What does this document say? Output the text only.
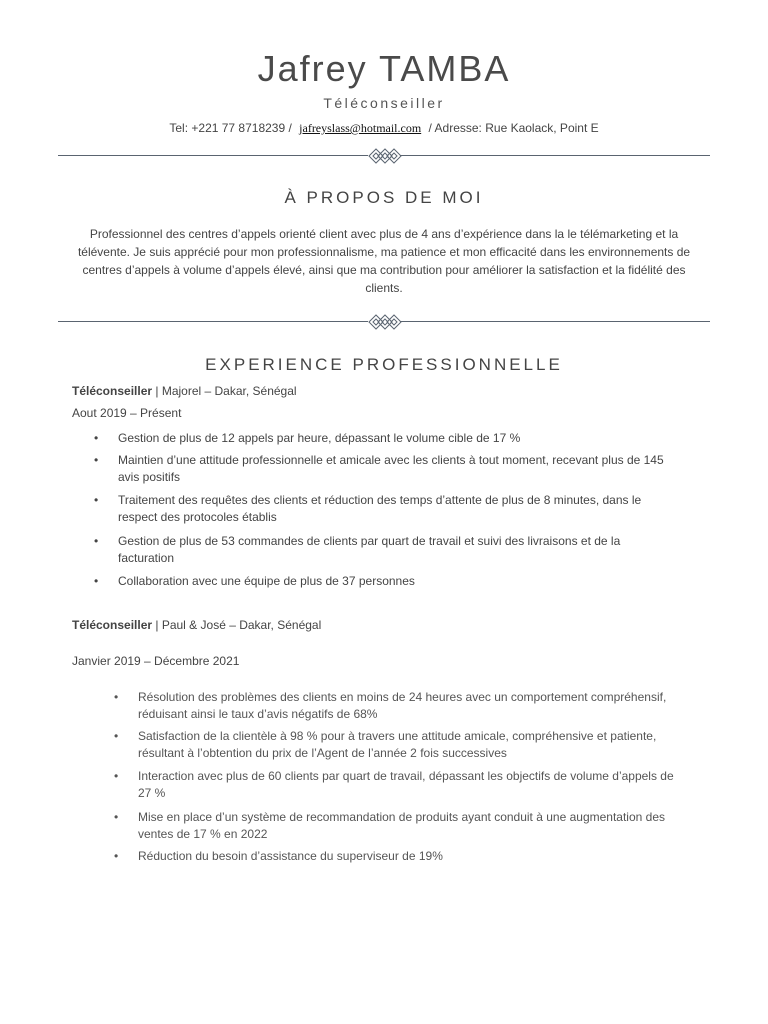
Jafrey TAMBA
Téléconseiller
Tel: +221 77 8718239 / jafreyslass@hotmail.com / Adresse: Rue Kaolack, Point E
À PROPOS DE MOI
Professionnel des centres d’appels orienté client avec plus de 4 ans d’expérience dans la le télémarketing et la télévente. Je suis apprécié pour mon professionnalisme, ma patience et mon efficacité dans les environnements de centres d’appels à volume d’appels élevé, ainsi que ma contribution pour améliorer la satisfaction et la fidélité des clients.
EXPERIENCE PROFESSIONNELLE
Téléconseiller | Majorel – Dakar, Sénégal
Aout 2019 – Présent
• Gestion de plus de 12 appels par heure, dépassant le volume cible de 17 %
• Maintien d’une attitude professionnelle et amicale avec les clients à tout moment, recevant plus de 145 avis positifs
• Traitement des requêtes des clients et réduction des temps d’attente de plus de 8 minutes, dans le respect des protocoles établis
• Gestion de plus de 53 commandes de clients par quart de travail et suivi des livraisons et de la facturation
• Collaboration avec une équipe de plus de 37 personnes
Téléconseiller | Paul & José – Dakar, Sénégal
Janvier 2019 – Décembre 2021
• Résolution des problèmes des clients en moins de 24 heures avec un comportement compréhensif, réduisant ainsi le taux d’avis négatifs de 68%
• Satisfaction de la clientèle à 98 % pour à travers une attitude amicale, compréhensive et patiente, résultant à l’obtention du prix de l’Agent de l’année 2 fois successives
• Interaction avec plus de 60 clients par quart de travail, dépassant les objectifs de volume d’appels de 27 %
• Mise en place d’un système de recommandation de produits ayant conduit à une augmentation des ventes de 17 % en 2022
• Réduction du besoin d’assistance du superviseur de 19%
